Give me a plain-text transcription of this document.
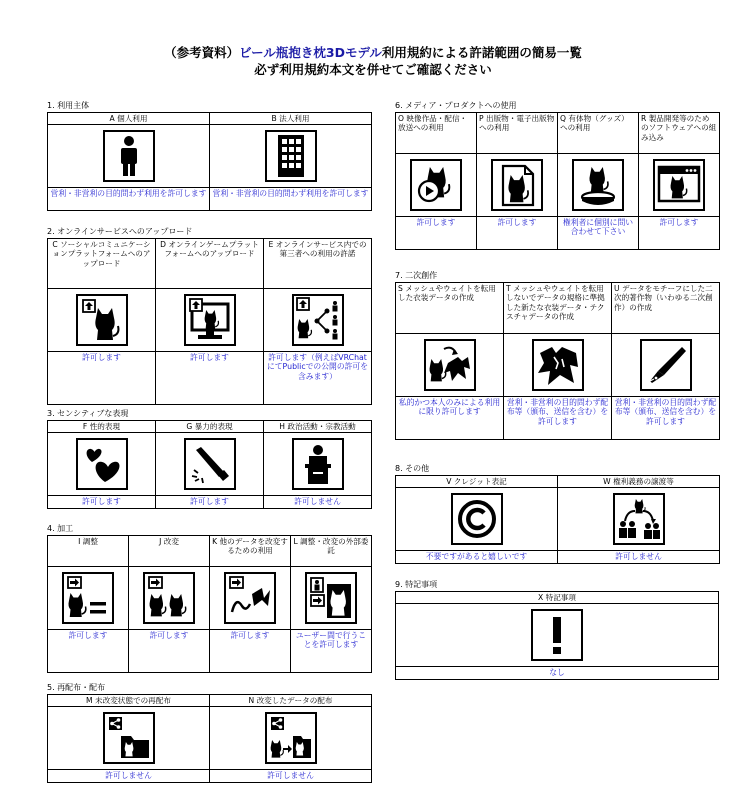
（参考資料）ビール瓶抱き枕3Dモデル利用規約による許諾範囲の簡易一覧
必ず利用規約本文を併せてご確認ください
1. 利用主体
A 個人利用	B 法人利用

営利・非営利の目的問わず利用を許可します	営利・非営利の目的問わず利用を許可します
2. オンラインサービスへのアップロード
C ソーシャルコミュニケーションプラットフォームへのアップロード	D オンラインゲームプラットフォームへのアップロード	E オンラインサービス内での第三者への利用の許諾

許可します	許可します	許可します（例えばVRChatにてPublicでの公開の許可を含みます）
3. センシティブな表現
F 性的表現	G 暴力的表現	H 政治活動・宗教活動

許可します	許可します	許可しません
4. 加工
I 調整	J 改変	K 他のデータを改変するための利用	L 調整・改変の外部委託

許可します	許可します	許可します	ユーザー間で行うことを許可します
5. 再配布・配布
M 未改変状態での再配布	N 改変したデータの配布

許可しません	許可しません
6. メディア・プロダクトへの使用
O 映像作品・配信・放送への利用	P 出版物・電子出版物への利用	Q 有体物（グッズ）への利用	R 製品開発等のためのソフトウェアへの組み込み

許可します	許可します	権利者に個別に問い合わせて下さい	許可します
7. 二次創作
S メッシュやウェイトを転用した衣装データの作成	T メッシュやウェイトを転用しないでデータの規格に準拠した新たな衣装データ・テクスチャデータの作成	U データをモチーフにした二次的著作物（いわゆる二次創作）の作成

私的かつ本人のみによる利用に限り許可します	営利・非営利の目的問わず配布等（頒布、送信を含む）を許可します	営利・非営利の目的問わず配布等（頒布、送信を含む）を許可します
8. その他
V クレジット表記	W 権利義務の譲渡等

不要ですがあると嬉しいです	許可しません
9. 特記事項
X 特記事項

なし
